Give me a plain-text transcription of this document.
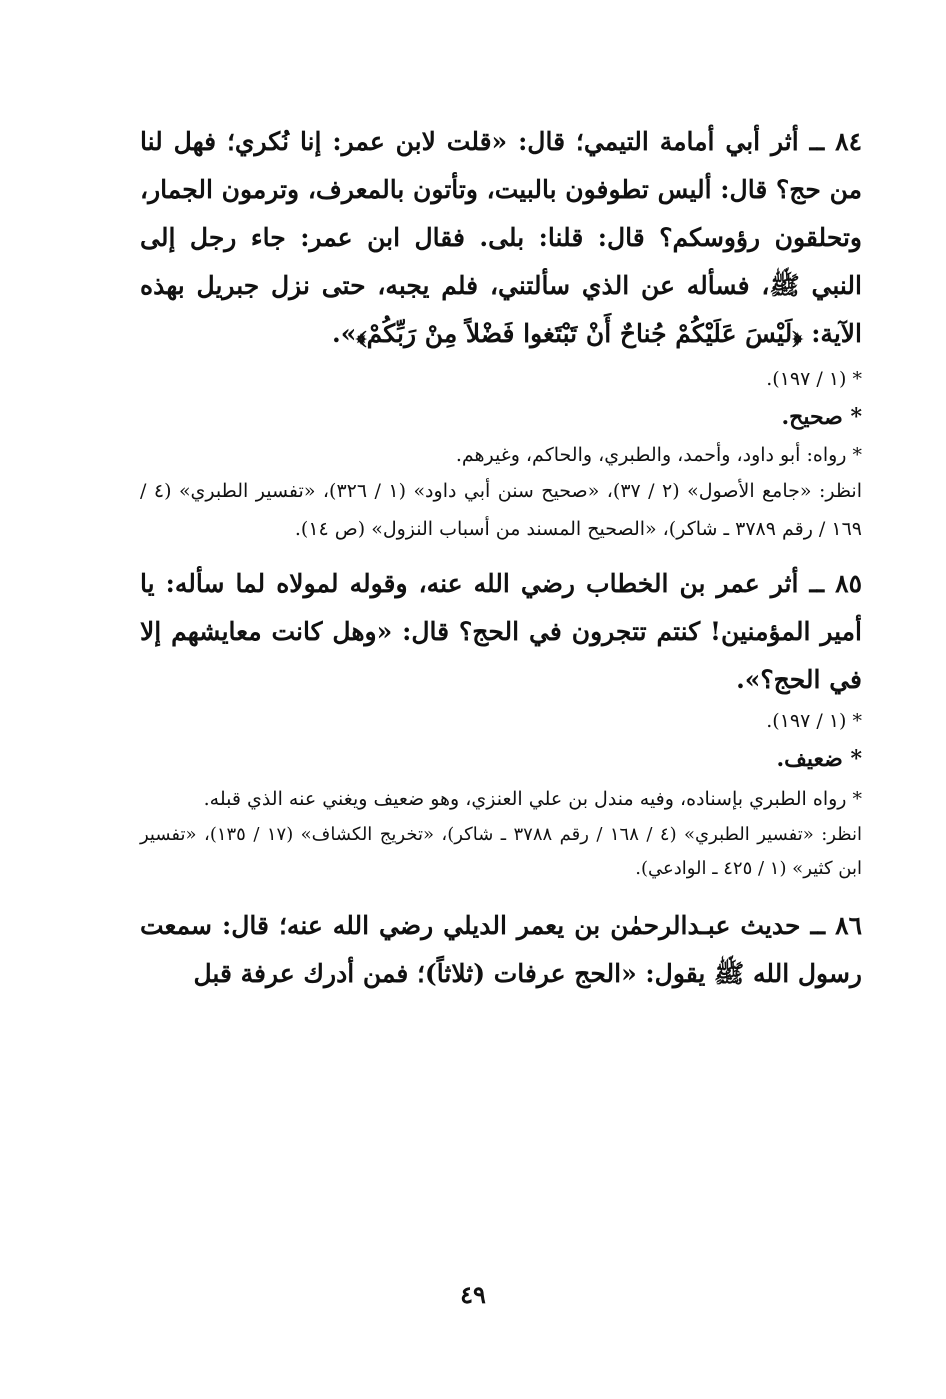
٨٤ ــ أثر أبي أمامة التيمي؛ قال: «قلت لابن عمر: إنا نُكري؛ فهل لنا من حج؟ قال: أليس تطوفون بالبيت، وتأتون بالمعرف، وترمون الجمار، وتحلقون رؤوسكم؟ قال: قلنا: بلى. فقال ابن عمر: جاء رجل إلى النبي ﷺ، فسأله عن الذي سألتني، فلم يجبه، حتى نزل جبريل بهذه الآية: ﴿لَيْسَ عَلَيْكُمْ جُناحٌ أَنْ تَبْتَغوا فَضْلاً مِنْ رَبِّكُمْ﴾».

* (١ / ١٩٧).

* صحيح.

* رواه: أبو داود، وأحمد، والطبري، والحاكم، وغيرهم.

انظر: «جامع الأصول» (٢ / ٣٧)، «صحيح سنن أبي داود» (١ / ٣٢٦)، «تفسير الطبري» (٤ / ١٦٩ / رقم ٣٧٨٩ ـ شاكر)، «الصحيح المسند من أسباب النزول» (ص ١٤).

٨٥ ــ أثر عمر بن الخطاب رضي الله عنه، وقوله لمولاه لما سأله: يا أمير المؤمنين! كنتم تتجرون في الحج؟ قال: «وهل كانت معايشهم إلا في الحج؟».

* (١ / ١٩٧).

* ضعيف.

* رواه الطبري بإسناده، وفيه مندل بن علي العنزي، وهو ضعيف ويغني عنه الذي قبله.

انظر: «تفسير الطبري» (٤ / ١٦٨ / رقم ٣٧٨٨ ـ شاكر)، «تخريج الكشاف» (١٧ / ١٣٥)، «تفسير ابن كثير» (١ / ٤٢٥ ـ الوادعي).

٨٦ ــ حديث عبـدالرحمٰن بن يعمر الديلي رضي الله عنه؛ قال: سمعت رسول الله ﷺ يقول: «الحج عرفات (ثلاثاً)؛ فمن أدرك عرفة قبل

٤٩
